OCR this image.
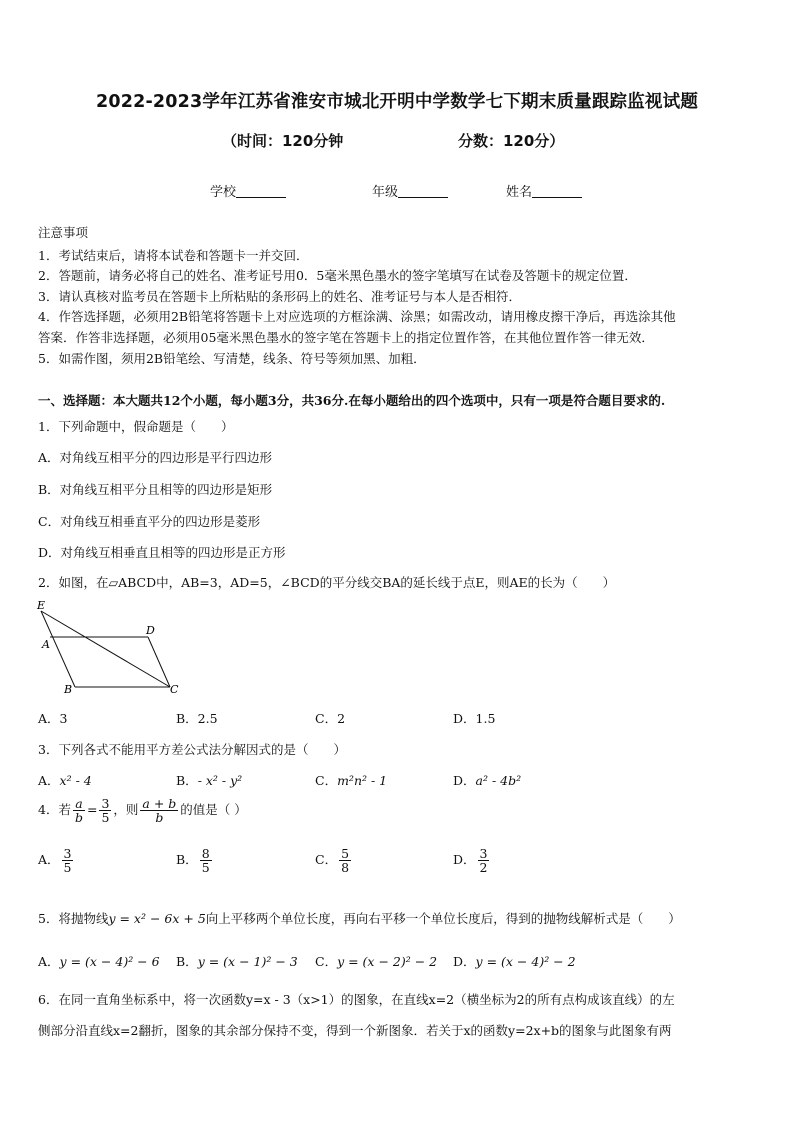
2022-2023学年江苏省淮安市城北开明中学数学七下期末质量跟踪监视试题
（时间：120分钟	分数：120分）
学校	年级	姓名
注意事项
1．考试结束后，请将本试卷和答题卡一并交回．
2．答题前，请务必将自己的姓名、准考证号用0．5毫米黑色墨水的签字笔填写在试卷及答题卡的规定位置．
3．请认真核对监考员在答题卡上所粘贴的条形码上的姓名、准考证号与本人是否相符．
4．作答选择题，必须用2B铅笔将答题卡上对应选项的方框涂满、涂黑；如需改动，请用橡皮擦干净后，再选涂其他
答案．作答非选择题，必须用05毫米黑色墨水的签字笔在答题卡上的指定位置作答，在其他位置作答一律无效．
5．如需作图，须用2B铅笔绘、写清楚，线条、符号等须加黑、加粗．
一、选择题：本大题共12个小题，每小题3分，共36分.在每小题给出的四个选项中，只有一项是符合题目要求的.
1．下列命题中，假命题是（　　）
A．对角线互相平分的四边形是平行四边形
B．对角线互相平分且相等的四边形是矩形
C．对角线互相垂直平分的四边形是菱形
D．对角线互相垂直且相等的四边形是正方形
2．如图，在▱ABCD中，AB=3，AD=5，∠BCD的平分线交BA的延长线于点E，则AE的长为（　　）
E
A
D
B	C
A．3	B．2.5	C．2	D．1.5
3．下列各式不能用平方差公式法分解因式的是（　　）
A．x² - 4	B．- x² - y²	C．m²n² - 1	D．a² - 4b²
4．若 $\frac{a}{b} = \frac{3}{5}$ ，则 $\frac{a + b}{b}$ 的值是（ ）
A． $\frac{3}{5}$	B． $\frac{8}{5}$	C． $\frac{5}{8}$	D． $\frac{3}{2}$
5．将抛物线y = x² − 6x + 5向上平移两个单位长度，再向右平移一个单位长度后，得到的抛物线解析式是（　　）
A．y = (x − 4)² − 6 B．y = (x − 1)² − 3 C．y = (x − 2)² − 2 D．y = (x − 4)² − 2
6．在同一直角坐标系中，将一次函数y=x - 3（x>1）的图象，在直线x=2（横坐标为2的所有点构成该直线）的左
侧部分沿直线x=2翻折，图象的其余部分保持不变，得到一个新图象．若关于x的函数y=2x+b的图象与此图象有两
